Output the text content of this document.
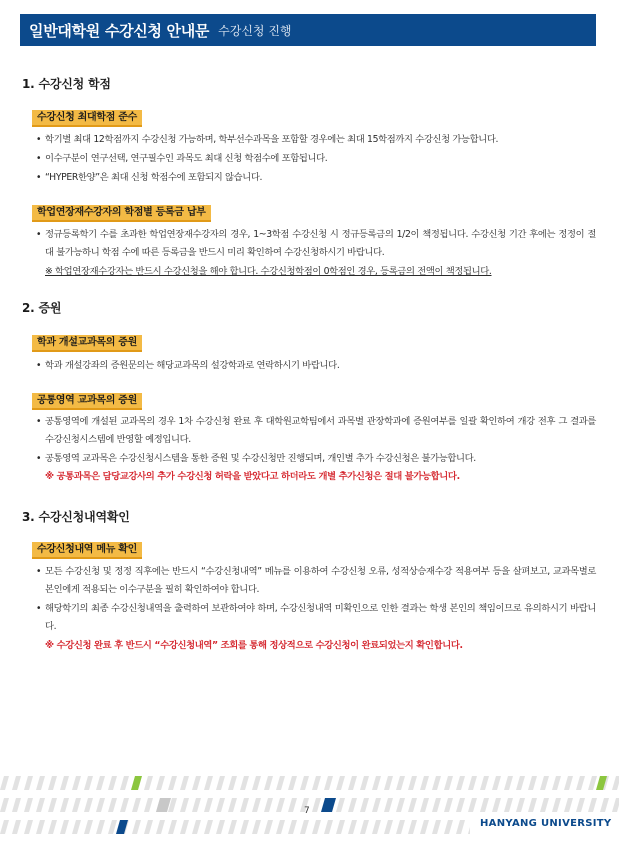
일반대학원 수강신청 안내문 수강신청 진행
1. 수강신청 학점
수강신청 최대학점 준수
• 학기별 최대 12학점까지 수강신청 가능하며, 학부선수과목을 포함할 경우에는 최대 15학점까지 수강신청 가능합니다.
• 이수구분이 연구선택, 연구필수인 과목도 최대 신청 학점수에 포함됩니다.
• “HYPER한양”은 최대 신청 학점수에 포함되지 않습니다.
학업연장재수강자의 학점별 등록금 납부
• 정규등록학기 수를 초과한 학업연장재수강자의 경우, 1~3학점 수강신청 시 정규등록금의 1/2이 책정됩니다. 수강신청 기간 후에는 정정이 절대 불가능하니 학점 수에 따른 등록금을 반드시 미리 확인하여 수강신청하시기 바랍니다.
※ 학업연장재수강자는 반드시 수강신청을 해야 합니다. 수강신청학점이 0학점인 경우, 등록금의 전액이 책정됩니다.
2. 증원
학과 개설교과목의 증원
• 학과 개설강좌의 증원문의는 해당교과목의 설강학과로 연락하시기 바랍니다.
공통영역 교과목의 증원
• 공통영역에 개설된 교과목의 경우 1차 수강신청 완료 후 대학원교학팀에서 과목별 관장학과에 증원여부를 일괄 확인하여 개강 전후 그 결과를 수강신청시스템에 반영할 예정입니다.
• 공통영역 교과목은 수강신청시스템을 통한 증원 및 수강신청만 진행되며, 개인별 추가 수강신청은 불가능합니다.
※ 공통과목은 담당교강사의 추가 수강신청 허락을 받았다고 하더라도 개별 추가신청은 절대 불가능합니다.
3. 수강신청내역확인
수강신청내역 메뉴 확인
• 모든 수강신청 및 정정 직후에는 반드시 “수강신청내역” 메뉴를 이용하여 수강신청 오류, 성적상승재수강 적용여부 등을 살펴보고, 교과목별로 본인에게 적용되는 이수구분을 필히 확인하여야 합니다.
• 해당학기의 최종 수강신청내역을 출력하여 보관하여야 하며, 수강신청내역 미확인으로 인한 결과는 학생 본인의 책임이므로 유의하시기 바랍니다.
※ 수강신청 완료 후 반드시 “수강신청내역” 조회를 통해 정상적으로 수강신청이 완료되었는지 확인합니다.
7
HANYANG UNIVERSITY
